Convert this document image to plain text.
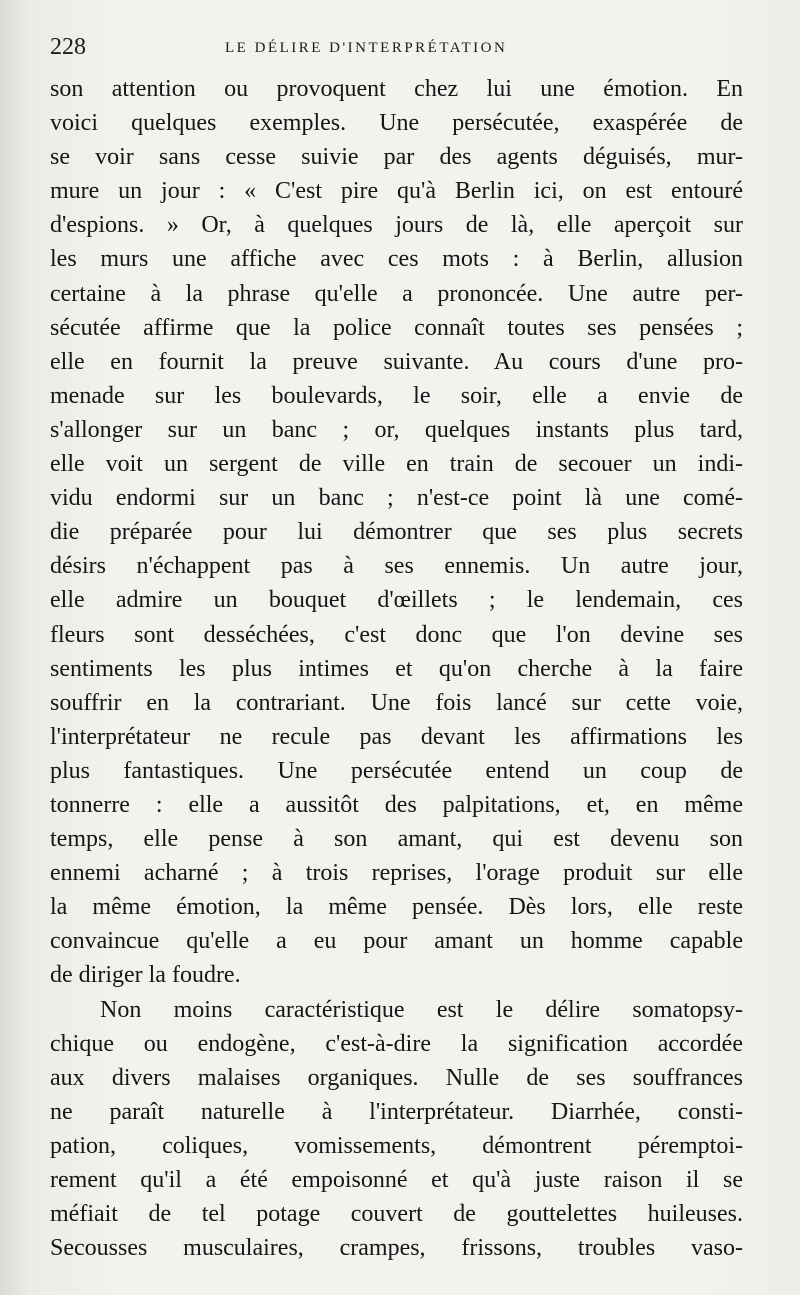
228	LE DÉLIRE D'INTERPRÉTATION
son attention ou provoquent chez lui une émotion. En
voici quelques exemples. Une persécutée, exaspérée de
se voir sans cesse suivie par des agents déguisés, mur-
mure un jour : « C'est pire qu'à Berlin ici, on est entouré
d'espions. » Or, à quelques jours de là, elle aperçoit sur
les murs une affiche avec ces mots : à Berlin, allusion
certaine à la phrase qu'elle a prononcée. Une autre per-
sécutée affirme que la police connaît toutes ses pensées ;
elle en fournit la preuve suivante. Au cours d'une pro-
menade sur les boulevards, le soir, elle a envie de
s'allonger sur un banc ; or, quelques instants plus tard,
elle voit un sergent de ville en train de secouer un indi-
vidu endormi sur un banc ; n'est-ce point là une comé-
die préparée pour lui démontrer que ses plus secrets
désirs n'échappent pas à ses ennemis. Un autre jour,
elle admire un bouquet d'œillets ; le lendemain, ces
fleurs sont desséchées, c'est donc que l'on devine ses
sentiments les plus intimes et qu'on cherche à la faire
souffrir en la contrariant. Une fois lancé sur cette voie,
l'interprétateur ne recule pas devant les affirmations les
plus fantastiques. Une persécutée entend un coup de
tonnerre : elle a aussitôt des palpitations, et, en même
temps, elle pense à son amant, qui est devenu son
ennemi acharné ; à trois reprises, l'orage produit sur elle
la même émotion, la même pensée. Dès lors, elle reste
convaincue qu'elle a eu pour amant un homme capable
de diriger la foudre.
Non moins caractéristique est le délire somatopsy-
chique ou endogène, c'est-à-dire la signification accordée
aux divers malaises organiques. Nulle de ses souffrances
ne paraît naturelle à l'interprétateur. Diarrhée, consti-
pation, coliques, vomissements, démontrent péremptoi-
rement qu'il a été empoisonné et qu'à juste raison il se
méfiait de tel potage couvert de gouttelettes huileuses.
Secousses musculaires, crampes, frissons, troubles vaso-
